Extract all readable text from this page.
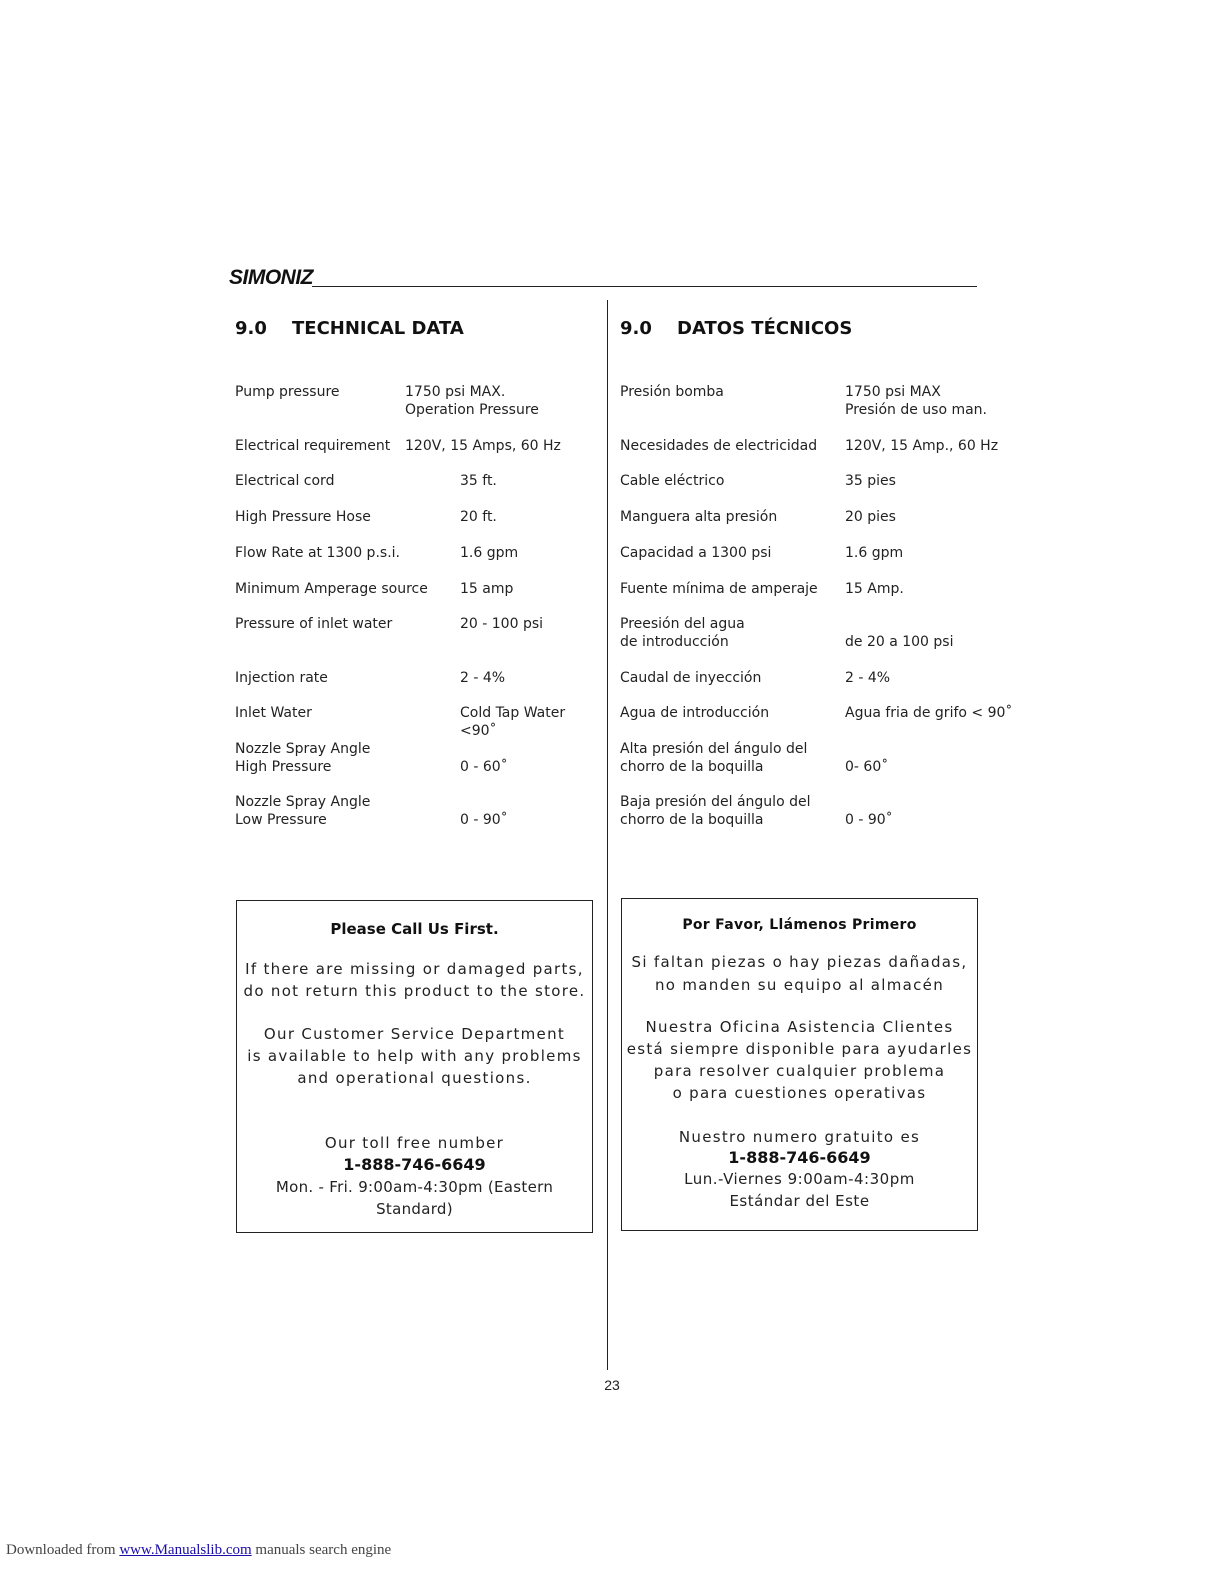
SIMONIZ
9.0 TECHNICAL DATA
Pump pressure	1750 psi MAX.
Operation Pressure
Electrical requirement 120V, 15 Amps, 60 Hz
Electrical cord	35 ft.
High Pressure Hose	20 ft.
Flow Rate at 1300 p.s.i.	1.6 gpm
Minimum Amperage source 15 amp
Pressure of inlet water	20 - 100 psi
Injection rate	2 - 4%
Inlet Water	Cold Tap Water
<90˚
Nozzle Spray Angle
High Pressure	0 - 60˚
Nozzle Spray Angle
Low Pressure	0 - 90˚
Please Call Us First.
If there are missing or damaged parts,
do not return this product to the store.
Our Customer Service Department
is available to help with any problems
and operational questions.
Our toll free number
1-888-746-6649
Mon. - Fri. 9:00am-4:30pm (Eastern Standard)
9.0 DATOS TÉCNICOS
Presión bomba	1750 psi MAX
Presión de uso man.
Necesidades de electricidad 120V, 15 Amp., 60 Hz
Cable eléctrico	35 pies
Manguera alta presión	20 pies
Capacidad a 1300 psi	1.6 gpm
Fuente mínima de amperaje 15 Amp.
Preesión del agua
de introducción	de 20 a 100 psi
Caudal de inyección	2 - 4%
Agua de introducción	Agua fria de grifo < 90˚
Alta presión del ángulo del
chorro de la boquilla	0- 60˚
Baja presión del ángulo del
chorro de la boquilla	0 - 90˚
Por Favor, Llámenos Primero
Si faltan piezas o hay piezas dañadas,
no manden su equipo al almacén
Nuestra Oficina Asistencia Clientes
está siempre disponible para ayudarles
para resolver cualquier problema
o para cuestiones operativas
Nuestro numero gratuito es
1-888-746-6649
Lun.-Viernes 9:00am-4:30pm
Estándar del Este
23
Downloaded from www.Manualslib.com manuals search engine
